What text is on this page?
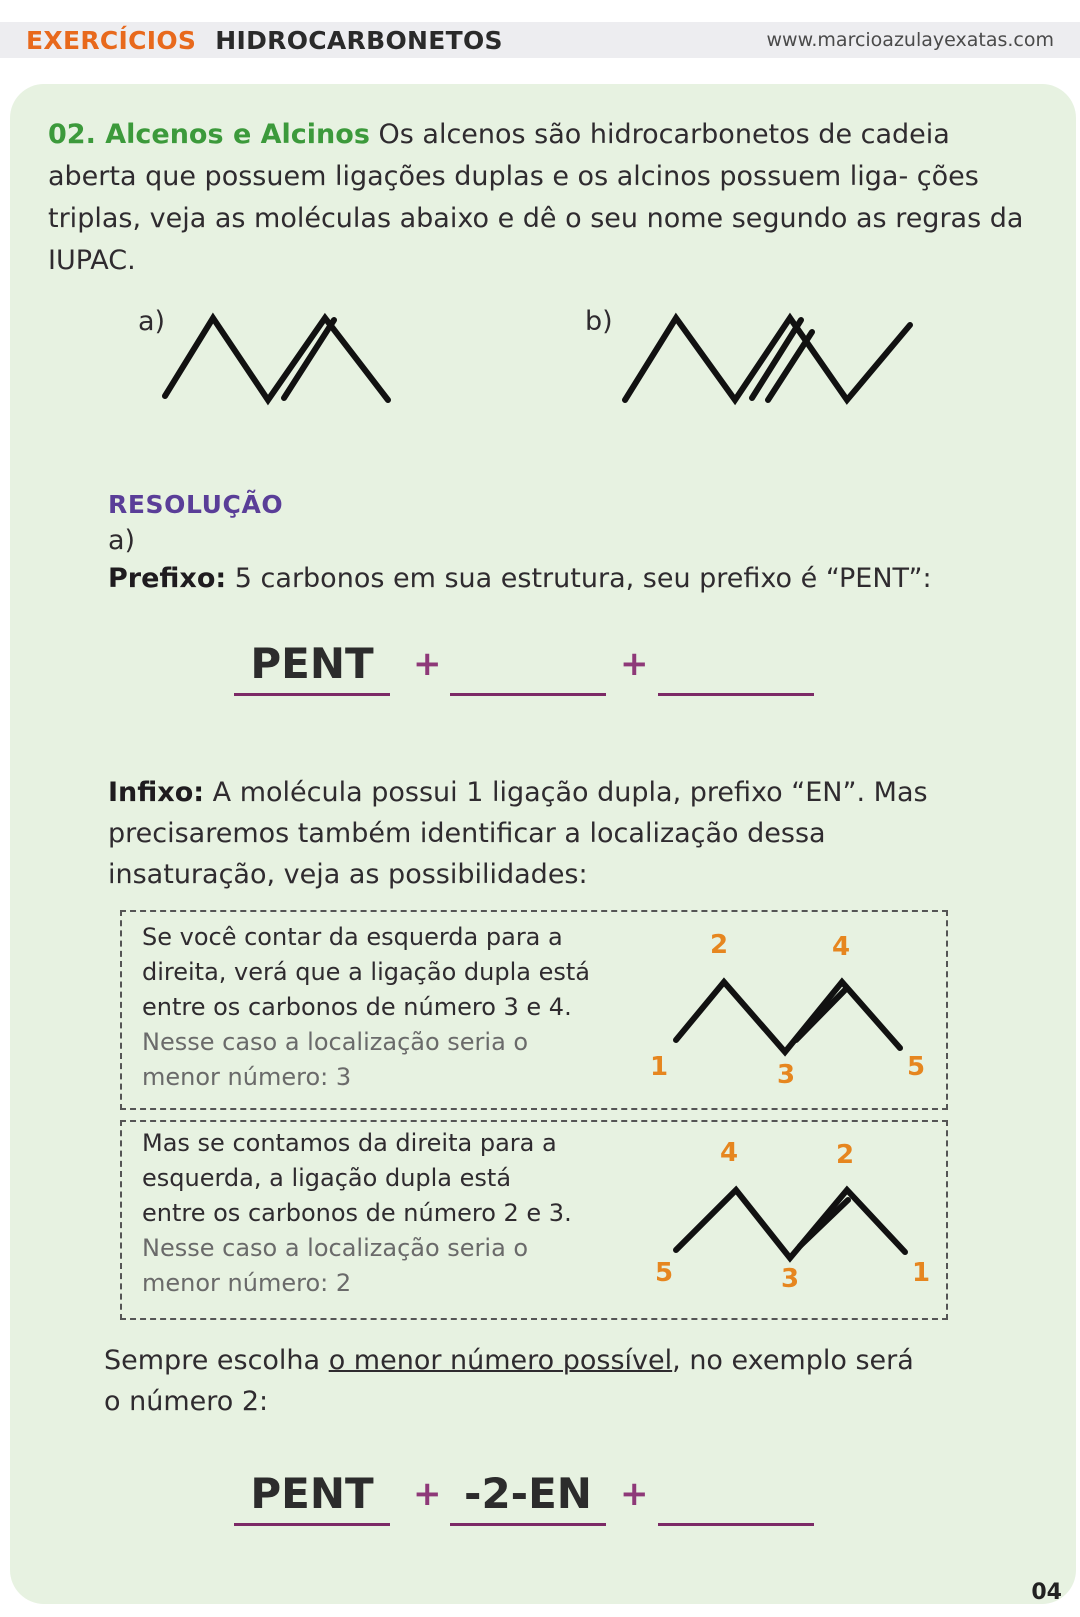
EXERCÍCIOS HIDROCARBONETOS	www.marcioazulayexatas.com

02. Alcenos e Alcinos Os alcenos são hidrocarbonetos de cadeia aberta que possuem ligações duplas e os alcinos possuem liga- ções triplas, veja as moléculas abaixo e dê o seu nome segundo as regras da IUPAC.

a)	b)
RESOLUÇÃO
a)
Prefixo: 5 carbonos em sua estrutura, seu prefixo é “PENT”:
PENT	+	+
Infixo: A molécula possui 1 ligação dupla, prefixo “EN”. Mas precisaremos também identificar a localização dessa insaturação, veja as possibilidades:
Se você contar da esquerda para a
direita, verá que a ligação dupla está
entre os carbonos de número 3 e 4.
Nesse caso a localização seria o
menor número: 3
2	4
1	3	5
Mas se contamos da direita para a
esquerda, a ligação dupla está
entre os carbonos de número 2 e 3.
Nesse caso a localização seria o
menor número: 2
4	2
5	3	1
Sempre escolha o menor número possível, no exemplo será
o número 2:
PENT	+ -2-EN +
04
